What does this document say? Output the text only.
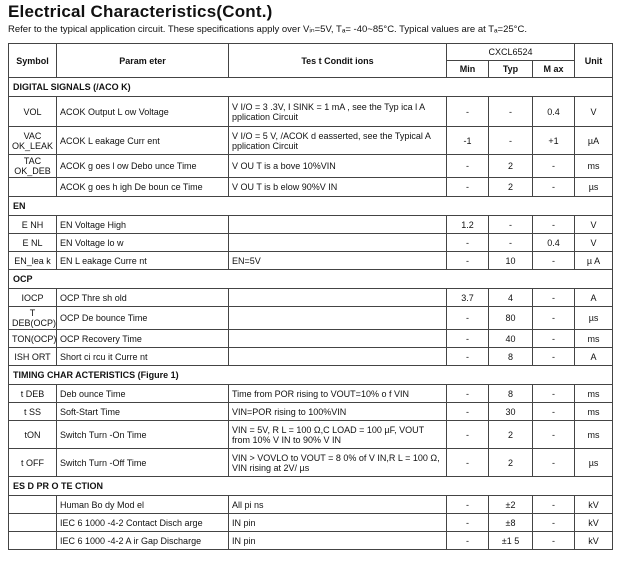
Electrical Characteristics(Cont.)
Refer to the typical application circuit. These specifications apply over Vᵢₙ=5V, Tₐ= -40~85°C. Typical values are at Tₐ=25°C.
Symbol	Param eter	Tes t Condit ions	CXCL6524			Unit
			Min	Typ	M ax	
DIGITAL SIGNALS (/ACO K)						
VOL	ACOK Output L ow Voltage	V I/O = 3 .3V, I SINK = 1 mA , see the Typ ica l A pplication Circuit	-	-	0.4	V
VAC OK_LEAK	ACOK L eakage Curr ent	V I/O = 5 V, /ACOK d easserted, see the Typical A pplication Circuit	-1	-	+1	µA
TAC OK_DEB	ACOK g oes l ow Debo unce Time	V OU T is a bove 10%VIN	-	2	-	ms
	ACOK g oes h igh De boun ce Time	V OU T is b elow 90%V IN	-	2	-	µs
EN						
E NH	EN Voltage High		1.2	-	-	V
E NL	EN Voltage lo w		-	-	0.4	V
EN_lea k	EN L eakage Curre nt	EN=5V	-	10	-	µ A
OCP						
IOCP	OCP Thre sh old		3.7	4	-	A
T DEB(OCP)	OCP De bounce Time		-	80	-	µs
TON(OCP)	OCP Recovery Time		-	40	-	ms
ISH ORT	Short ci rcu it Curre nt		-	8	-	A
TIMING CHAR ACTERISTICS (Figure 1)						
t DEB	Deb ounce Time	Time from POR rising to VOUT=10% o f VIN	-	8	-	ms
t SS	Soft-Start Time	VIN=POR rising to 100%VIN	-	30	-	ms
tON	Switch Turn -On Time	VIN = 5V, R L = 100 Ω,C LOAD = 100 µF, VOUT from 10% V IN to 90% V IN	-	2	-	ms
t OFF	Switch Turn -Off Time	VIN > VOVLO to VOUT = 8 0% of V IN,R L = 100 Ω, VIN rising at 2V/ µs	-	2	-	µs
ES D PR O TE CTION						
	Human Bo dy Mod el	All pi ns	-	±2	-	kV
	IEC 6 1000 -4-2 Contact Disch arge	IN pin	-	±8	-	kV
	IEC 6 1000 -4-2 A ir Gap Discharge	IN pin	-	±1 5	-	kV
